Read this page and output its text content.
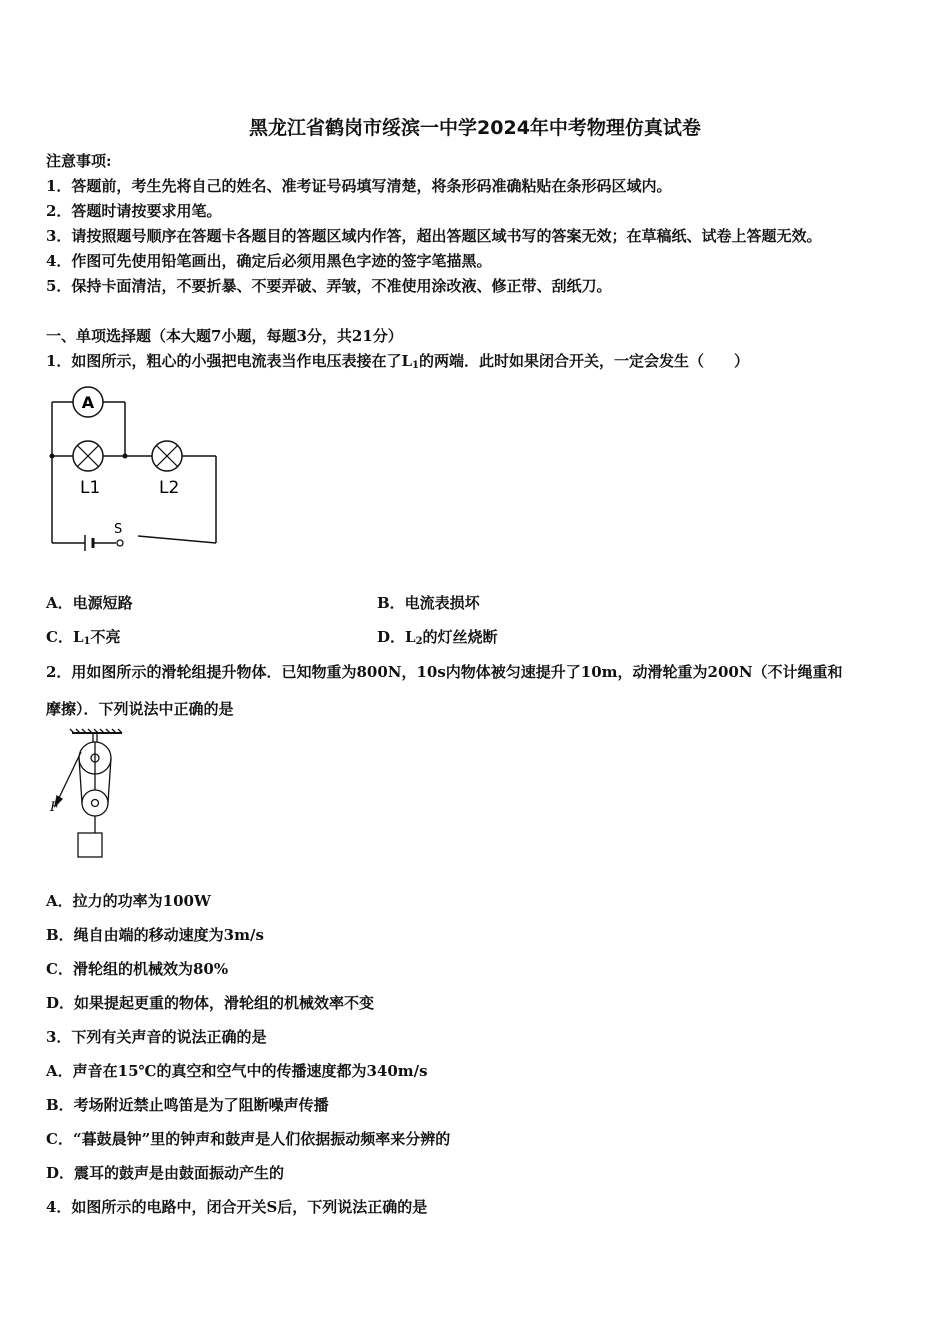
黑龙江省鹤岗市绥滨一中学2024年中考物理仿真试卷
注意事项:
1．答题前，考生先将自己的姓名、准考证号码填写清楚，将条形码准确粘贴在条形码区域内。
2．答题时请按要求用笔。
3．请按照题号顺序在答题卡各题目的答题区域内作答，超出答题区域书写的答案无效；在草稿纸、试卷上答题无效。
4．作图可先使用铅笔画出，确定后必须用黑色字迹的签字笔描黑。
5．保持卡面清洁，不要折暴、不要弄破、弄皱，不准使用涂改液、修正带、刮纸刀。
一、单项选择题（本大题7小题，每题3分，共21分）
1．如图所示，粗心的小强把电流表当作电压表接在了$L_1$的两端．此时如果闭合开关，一定会发生（　　）
A
L1	L2
S
A．电源短路	B．电流表损坏
C．$L_1$不亮	D．$L_2$的灯丝烧断
2．用如图所示的滑轮组提升物体．已知物重为800N，10s内物体被匀速提升了10m，动滑轮重为200N（不计绳重和
摩擦）．下列说法中正确的是
F
A．拉力的功率为100W
B．绳自由端的移动速度为3m/s
C．滑轮组的机械效为80%
D．如果提起更重的物体，滑轮组的机械效率不变
3．下列有关声音的说法正确的是
A．声音在15℃的真空和空气中的传播速度都为340m/s
B．考场附近禁止鸣笛是为了阻断噪声传播
C．“暮鼓晨钟”里的钟声和鼓声是人们依据振动频率来分辨的
D．震耳的鼓声是由鼓面振动产生的
4．如图所示的电路中，闭合开关S后，下列说法正确的是
